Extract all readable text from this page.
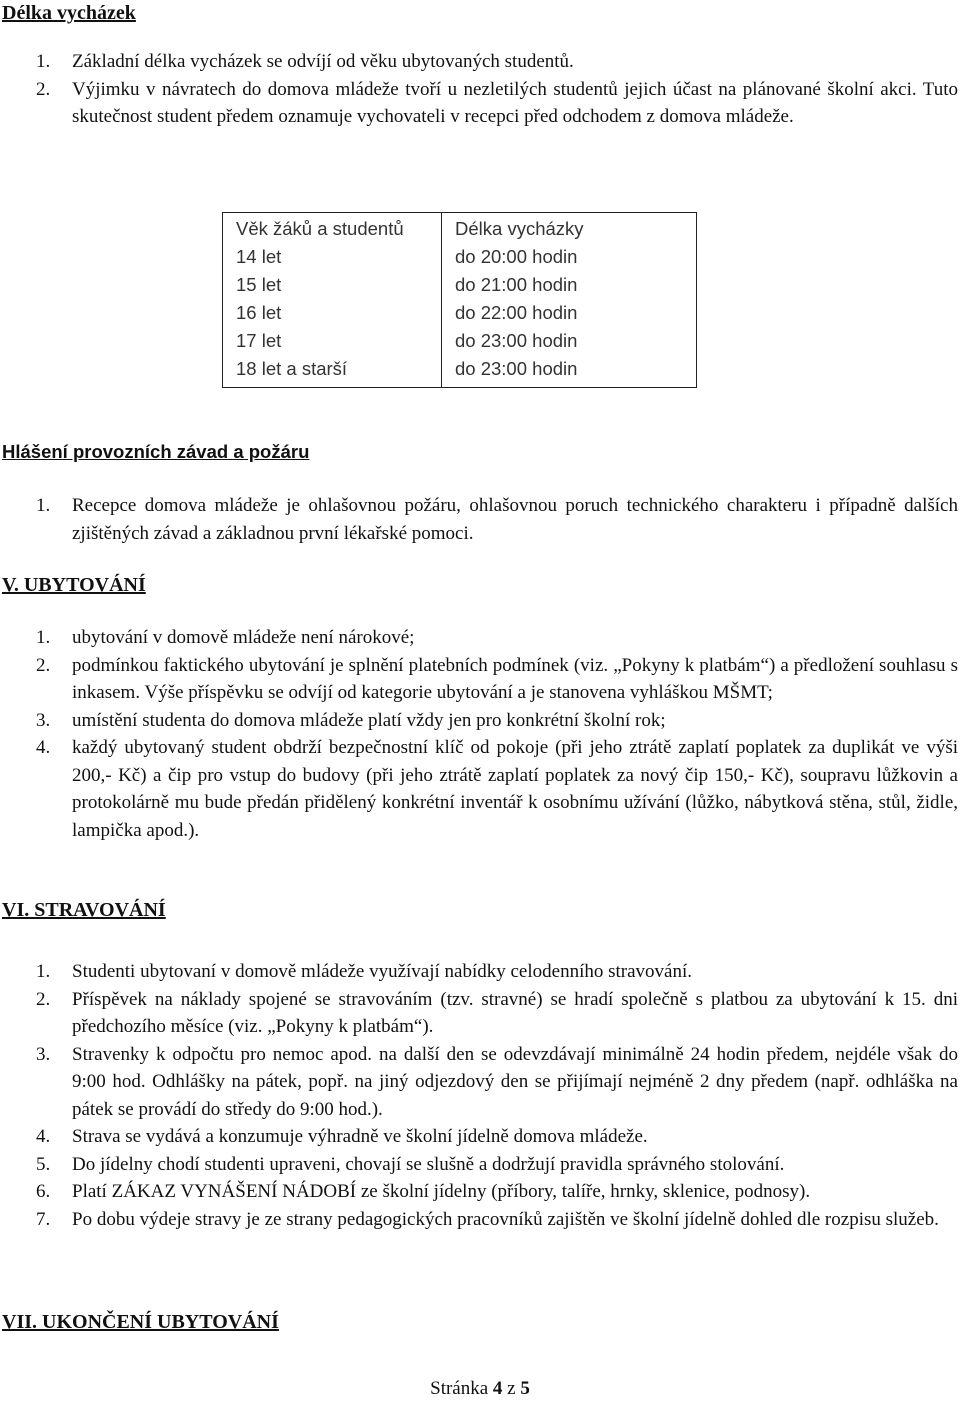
Délka vycházek
1. Základní délka vycházek se odvíjí od věku ubytovaných studentů.
2. Výjimku v návratech do domova mládeže tvoří u nezletilých studentů jejich účast na plánované školní akci. Tuto skutečnost student předem oznamuje vychovateli v recepci před odchodem z domova mládeže.
Věk žáků a studentů	Délka vycházky
14 let	do 20:00 hodin
15 let	do 21:00 hodin
16 let	do 22:00 hodin
17 let	do 23:00 hodin
18 let a starší	do 23:00 hodin
Hlášení provozních závad a požáru
1. Recepce domova mládeže je ohlašovnou požáru, ohlašovnou poruch technického charakteru i případně dalších zjištěných závad a základnou první lékařské pomoci.
V. UBYTOVÁNÍ
1. ubytování v domově mládeže není nárokové;
2. podmínkou faktického ubytování je splnění platebních podmínek (viz. „Pokyny k platbám“) a předložení souhlasu s inkasem. Výše příspěvku se odvíjí od kategorie ubytování a je stanovena vyhláškou MŠMT;
3. umístění studenta do domova mládeže platí vždy jen pro konkrétní školní rok;
4. každý ubytovaný student obdrží bezpečnostní klíč od pokoje (při jeho ztrátě zaplatí poplatek za duplikát ve výši 200,- Kč) a čip pro vstup do budovy (při jeho ztrátě zaplatí poplatek za nový čip 150,- Kč), soupravu lůžkovin a protokolárně mu bude předán přidělený konkrétní inventář k osobnímu užívání (lůžko, nábytková stěna, stůl, židle, lampička apod.).
VI. STRAVOVÁNÍ
1. Studenti ubytovaní v domově mládeže využívají nabídky celodenního stravování.
2. Příspěvek na náklady spojené se stravováním (tzv. stravné) se hradí společně s platbou za ubytování k 15. dni předchozího měsíce (viz. „Pokyny k platbám“).
3. Stravenky k odpočtu pro nemoc apod. na další den se odevzdávají minimálně 24 hodin předem, nejdéle však do 9:00 hod. Odhlášky na pátek, popř. na jiný odjezdový den se přijímají nejméně 2 dny předem (např. odhláška na pátek se provádí do středy do 9:00 hod.).
4. Strava se vydává a konzumuje výhradně ve školní jídelně domova mládeže.
5. Do jídelny chodí studenti upraveni, chovají se slušně a dodržují pravidla správného stolování.
6. Platí ZÁKAZ VYNÁŠENÍ NÁDOBÍ ze školní jídelny (příbory, talíře, hrnky, sklenice, podnosy).
7. Po dobu výdeje stravy je ze strany pedagogických pracovníků zajištěn ve školní jídelně dohled dle rozpisu služeb.
VII. UKONČENÍ UBYTOVÁNÍ
Stránka 4 z 5
